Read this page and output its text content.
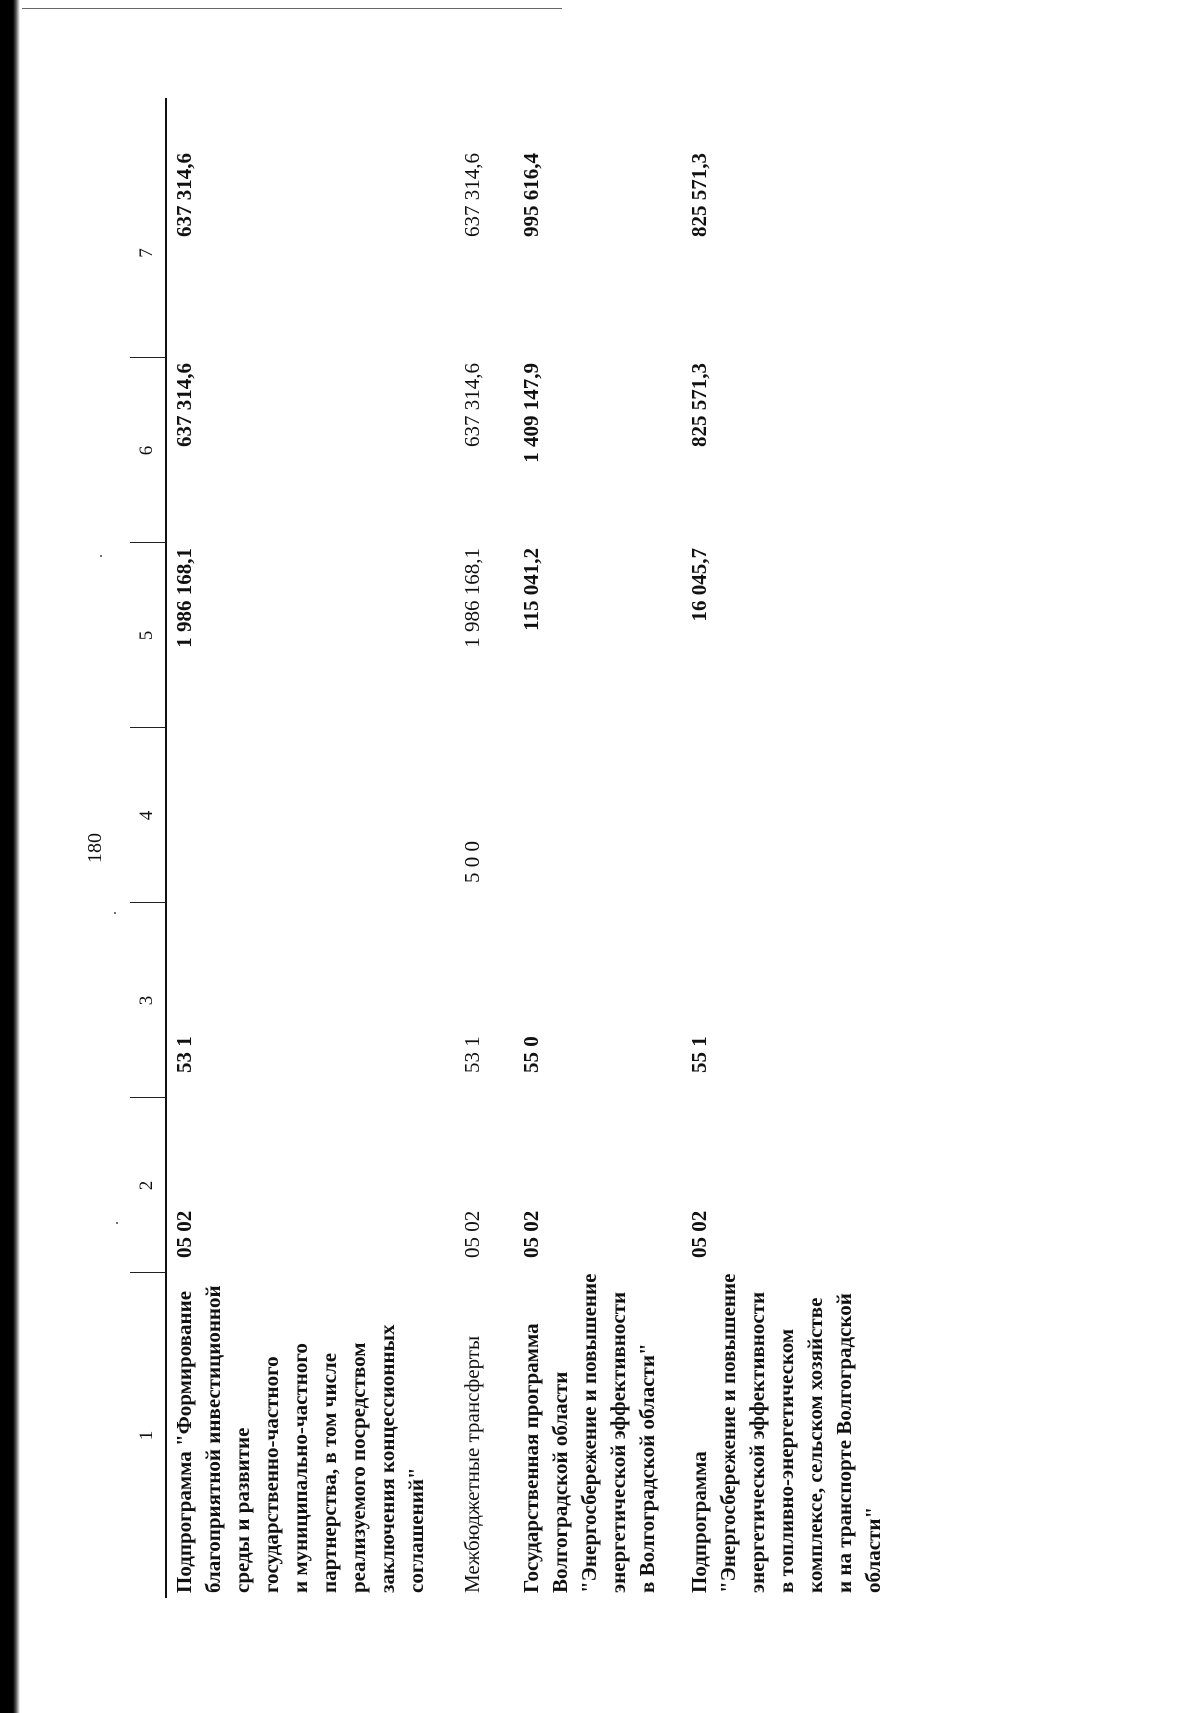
180
1
2
3
4
5
6
7
Подпрограмма "Формирование благоприятной инвестиционной среды и развитие государственно-частного и муниципально-частного партнерства, в том числе реализуемого посредством заключения концессионных соглашений"
05 02
53 1
1 986 168,1
637 314,6
637 314,6
Межбюджетные трансферты
05 02
53 1
5 0 0
1 986 168,1
637 314,6
637 314,6
Государственная программа Волгоградской области "Энергосбережение и повышение энергетической эффективности в Волгоградской области"
05 02
55 0
115 041,2
1 409 147,9
995 616,4
Подпрограмма "Энергосбережение и повышение энергетической эффективности в топливно-энергетическом комплексе, сельском хозяйстве и на транспорте Волгоградской области"
05 02
55 1
16 045,7
825 571,3
825 571,3
